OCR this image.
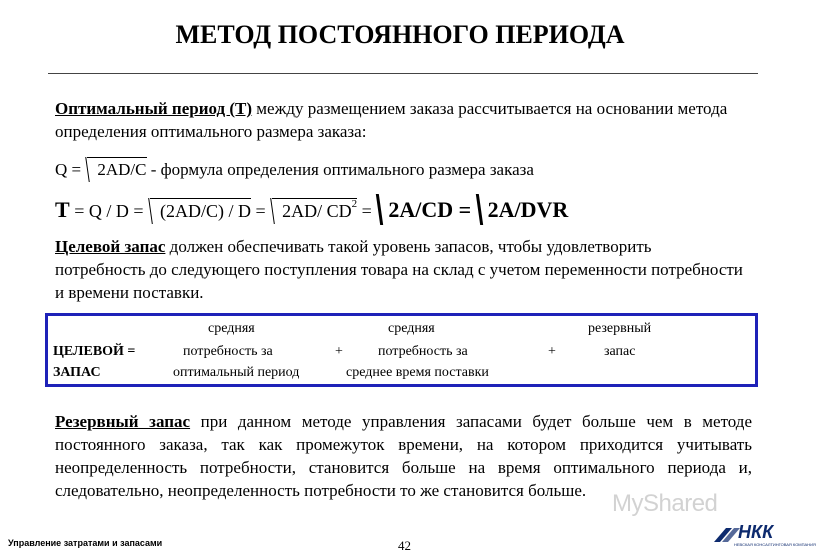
МЕТОД ПОСТОЯННОГО ПЕРИОДА
Оптимальный период (Т) между размещением заказа рассчитывается на основании метода определения оптимального размера заказа:
Q = 2AD/C - формула определения оптимального размера заказа
Т = Q / D = (2AD/C) / D = 2AD/ $CD^2 = 2A/CD = 2A/DVR$
Целевой запас должен обеспечивать такой уровень запасов, чтобы удовлетворить потребность до следующего поступления товара на склад с учетом переменности потребности и времени поставки.
средняя	средняя	резервный
ЦЕЛЕВОЙ =	потребность за	+	потребность за	+	запас
ЗАПАС	оптимальный период	среднее время поставки
Резервный запас при данном методе управления запасами будет больше чем в методе постоянного заказа, так как промежуток времени, на котором приходится учитывать неопределенность потребности, становится больше на время оптимального периода и, следовательно, неопределенность потребности то же становится больше.	MyShared
Управление затратами и запасами	42
НКК
НЕВСКАЯ КОНСАЛТИНГОВАЯ КОМПАНИЯ
